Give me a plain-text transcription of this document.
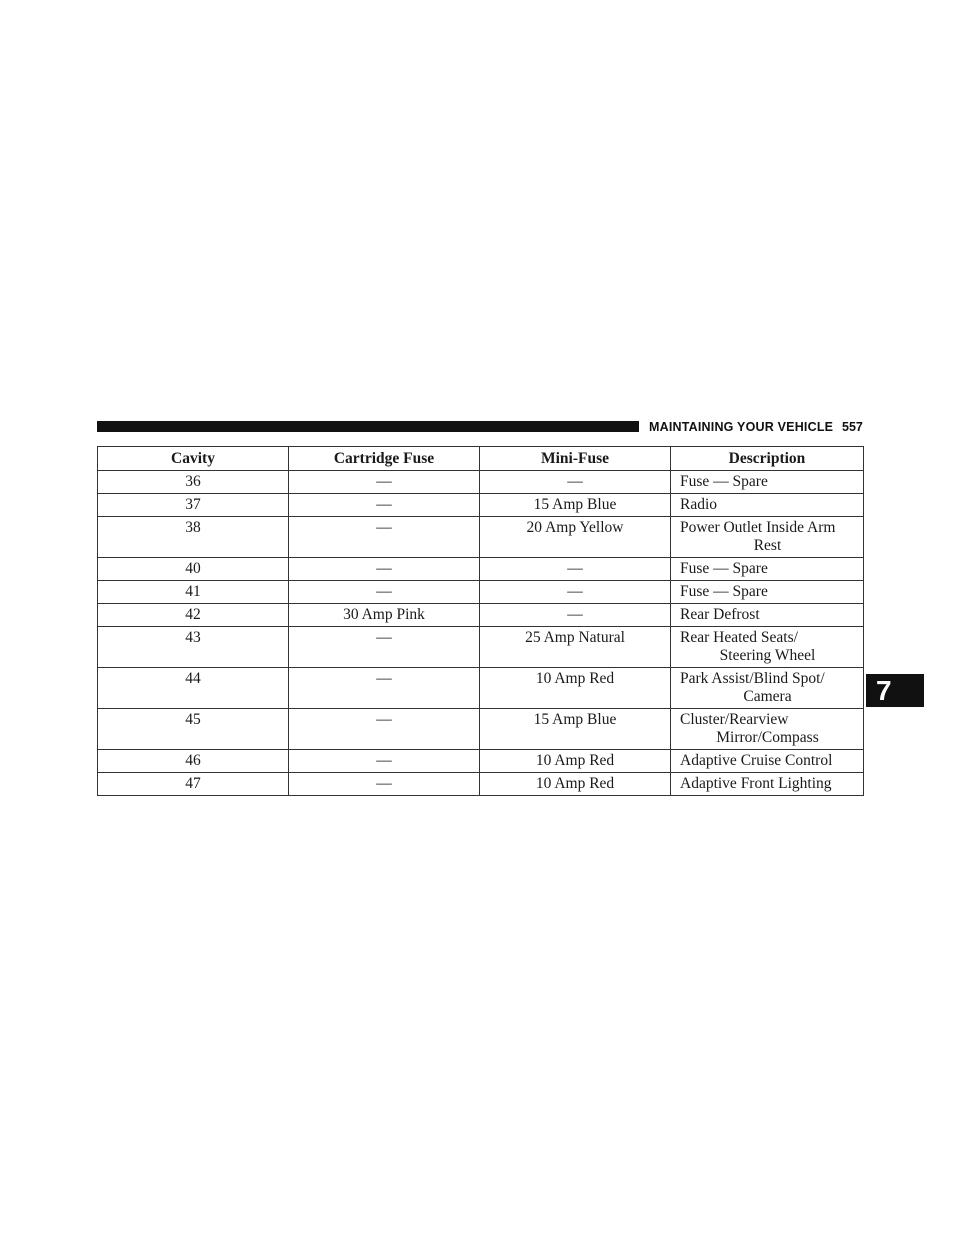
MAINTAINING YOUR VEHICLE 557
7
Cavity	Cartridge Fuse	Mini-Fuse	Description
36	—	—	Fuse — Spare

37	—	15 Amp Blue	Radio

38	—	20 Amp Yellow	Power Outlet Inside Arm
Rest

40	—	—	Fuse — Spare

41	—	—	Fuse — Spare

42	30 Amp Pink	—	Rear Defrost

43	—	25 Amp Natural	Rear Heated Seats/
Steering Wheel

44	—	10 Amp Red	Park Assist/Blind Spot/
Camera

45	—	15 Amp Blue	Cluster/Rearview
Mirror/Compass

46	—	10 Amp Red	Adaptive Cruise Control

47	—	10 Amp Red	Adaptive Front Lighting
